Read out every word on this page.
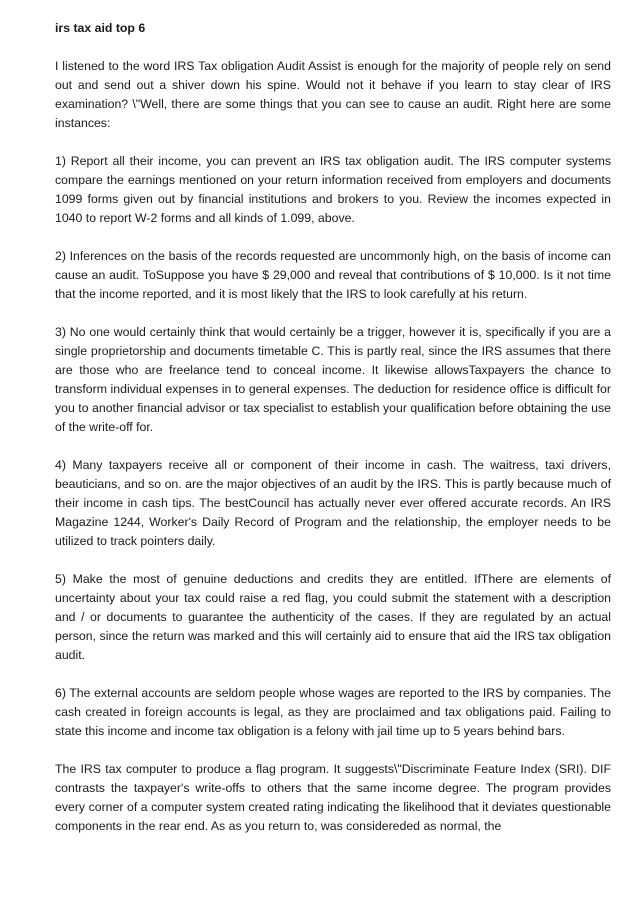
irs tax aid top 6

I listened to the word IRS Tax obligation Audit Assist is enough for the majority of people rely on send out and send out a shiver down his spine. Would not it behave if you learn to stay clear of IRS examination? \"Well, there are some things that you can see to cause an audit. Right here are some instances:

1) Report all their income, you can prevent an IRS tax obligation audit. The IRS computer systems compare the earnings mentioned on your return information received from employers and documents 1099 forms given out by financial institutions and brokers to you. Review the incomes expected in 1040 to report W-2 forms and all kinds of 1.099, above.

2) Inferences on the basis of the records requested are uncommonly high, on the basis of income can cause an audit. ToSuppose you have $ 29,000 and reveal that contributions of $ 10,000. Is it not time that the income reported, and it is most likely that the IRS to look carefully at his return.

3) No one would certainly think that would certainly be a trigger, however it is, specifically if you are a single proprietorship and documents timetable C. This is partly real, since the IRS assumes that there are those who are freelance tend to conceal income. It likewise allowsTaxpayers the chance to transform individual expenses in to general expenses. The deduction for residence office is difficult for you to another financial advisor or tax specialist to establish your qualification before obtaining the use of the write-off for.

4) Many taxpayers receive all or component of their income in cash. The waitress, taxi drivers, beauticians, and so on. are the major objectives of an audit by the IRS. This is partly because much of their income in cash tips. The bestCouncil has actually never ever offered accurate records. An IRS Magazine 1244, Worker's Daily Record of Program and the relationship, the employer needs to be utilized to track pointers daily.

5) Make the most of genuine deductions and credits they are entitled. IfThere are elements of uncertainty about your tax could raise a red flag, you could submit the statement with a description and / or documents to guarantee the authenticity of the cases. If they are regulated by an actual person, since the return was marked and this will certainly aid to ensure that aid the IRS tax obligation audit.

6) The external accounts are seldom people whose wages are reported to the IRS by companies. The cash created in foreign accounts is legal, as they are proclaimed and tax obligations paid. Failing to state this income and income tax obligation is a felony with jail time up to 5 years behind bars.

The IRS tax computer to produce a flag program. It suggests\"Discriminate Feature Index (SRI). DIF contrasts the taxpayer's write-offs to others that the same income degree. The program provides every corner of a computer system created rating indicating the likelihood that it deviates questionable components in the rear end. As as you return to, was considereded as normal, the
